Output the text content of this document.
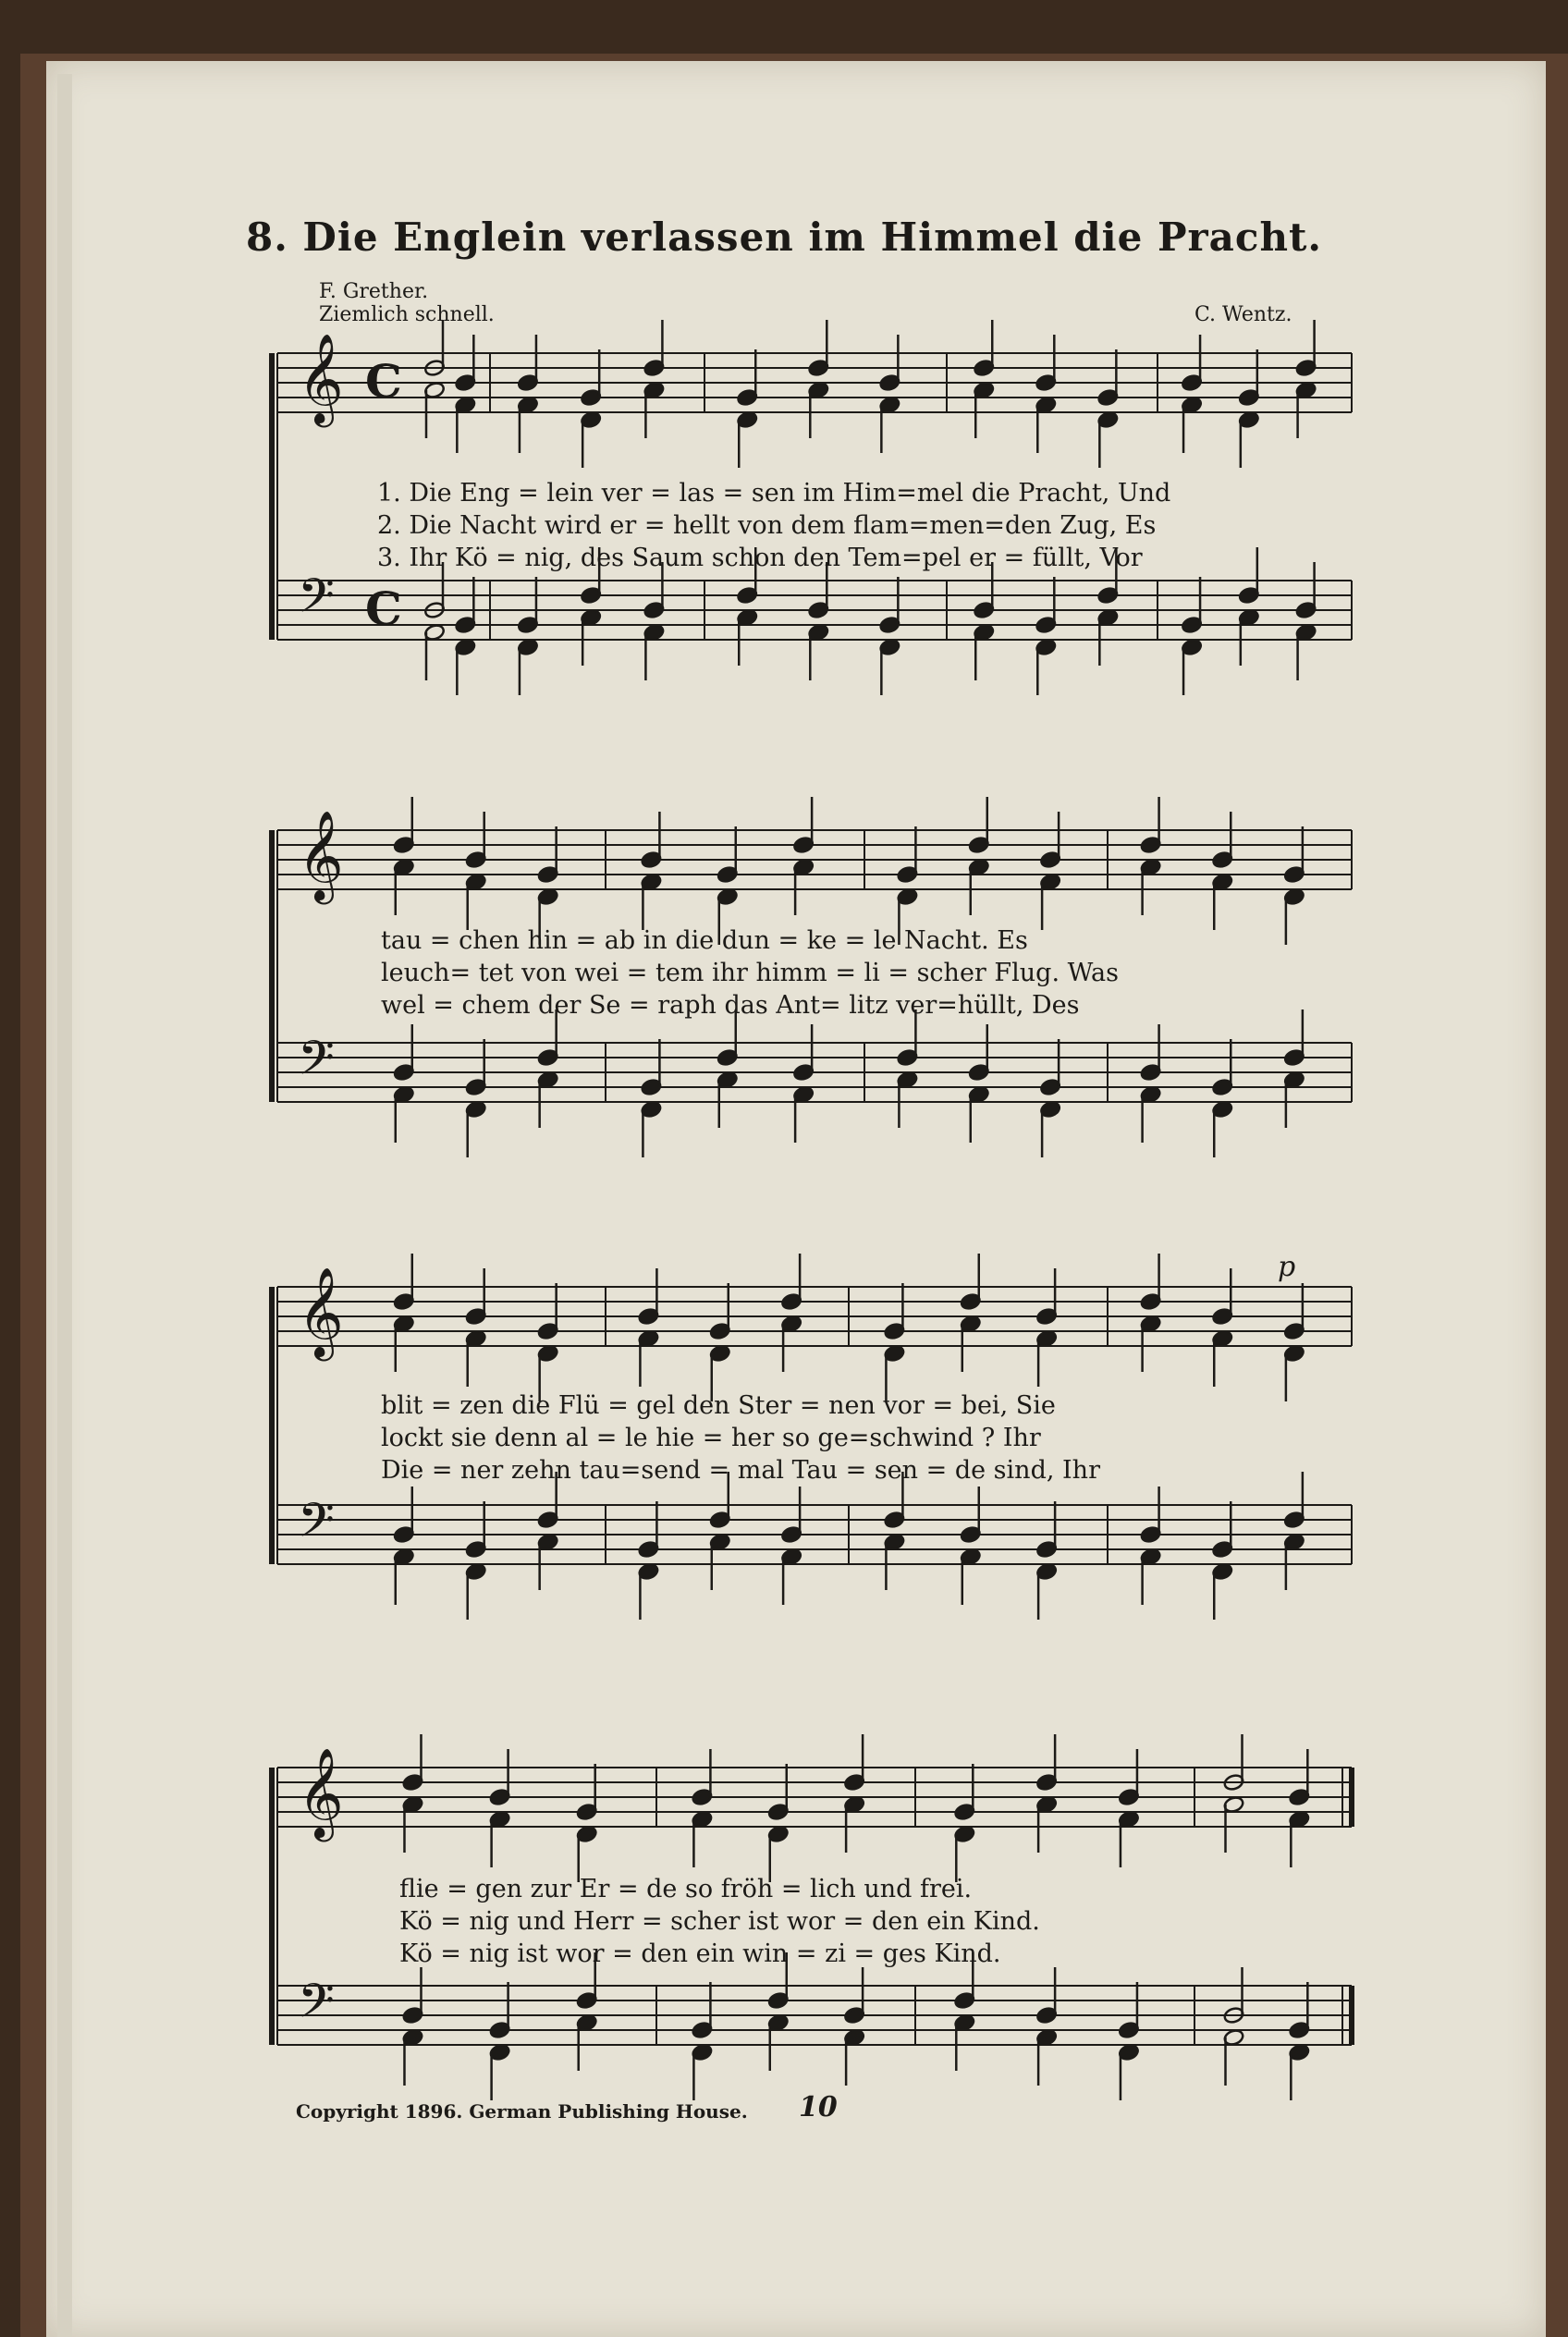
8. Die Englein verlassen im Himmel die Pracht.
F. Grether.
Ziemlich schnell.	C. Wentz.
𝄞 C
𝄢 C
𝄞
𝄢
𝄞
𝄢
𝄞
𝄢
p
1. Die Eng = lein ver = las = sen im Him=mel die Pracht, Und
2. Die Nacht wird er = hellt von dem flam=men=den Zug, Es
3. Ihr Kö = nig, des Saum schon den Tem=pel er = füllt, Vor
tau = chen hin = ab in die dun = ke = le Nacht. Es
leuch= tet von wei = tem ihr himm = li = scher Flug. Was
wel = chem der Se = raph das Ant= litz ver=hüllt, Des
blit = zen die Flü = gel den Ster = nen vor = bei, Sie
lockt sie denn al = le hie = her so ge=schwind ? Ihr
Die = ner zehn tau=send = mal Tau = sen = de sind, Ihr
flie = gen zur Er = de so fröh = lich und frei.
Kö = nig und Herr = scher ist wor = den ein Kind.
Kö = nig ist wor = den ein win = zi = ges Kind.
Copyright 1896. German Publishing House. 10
